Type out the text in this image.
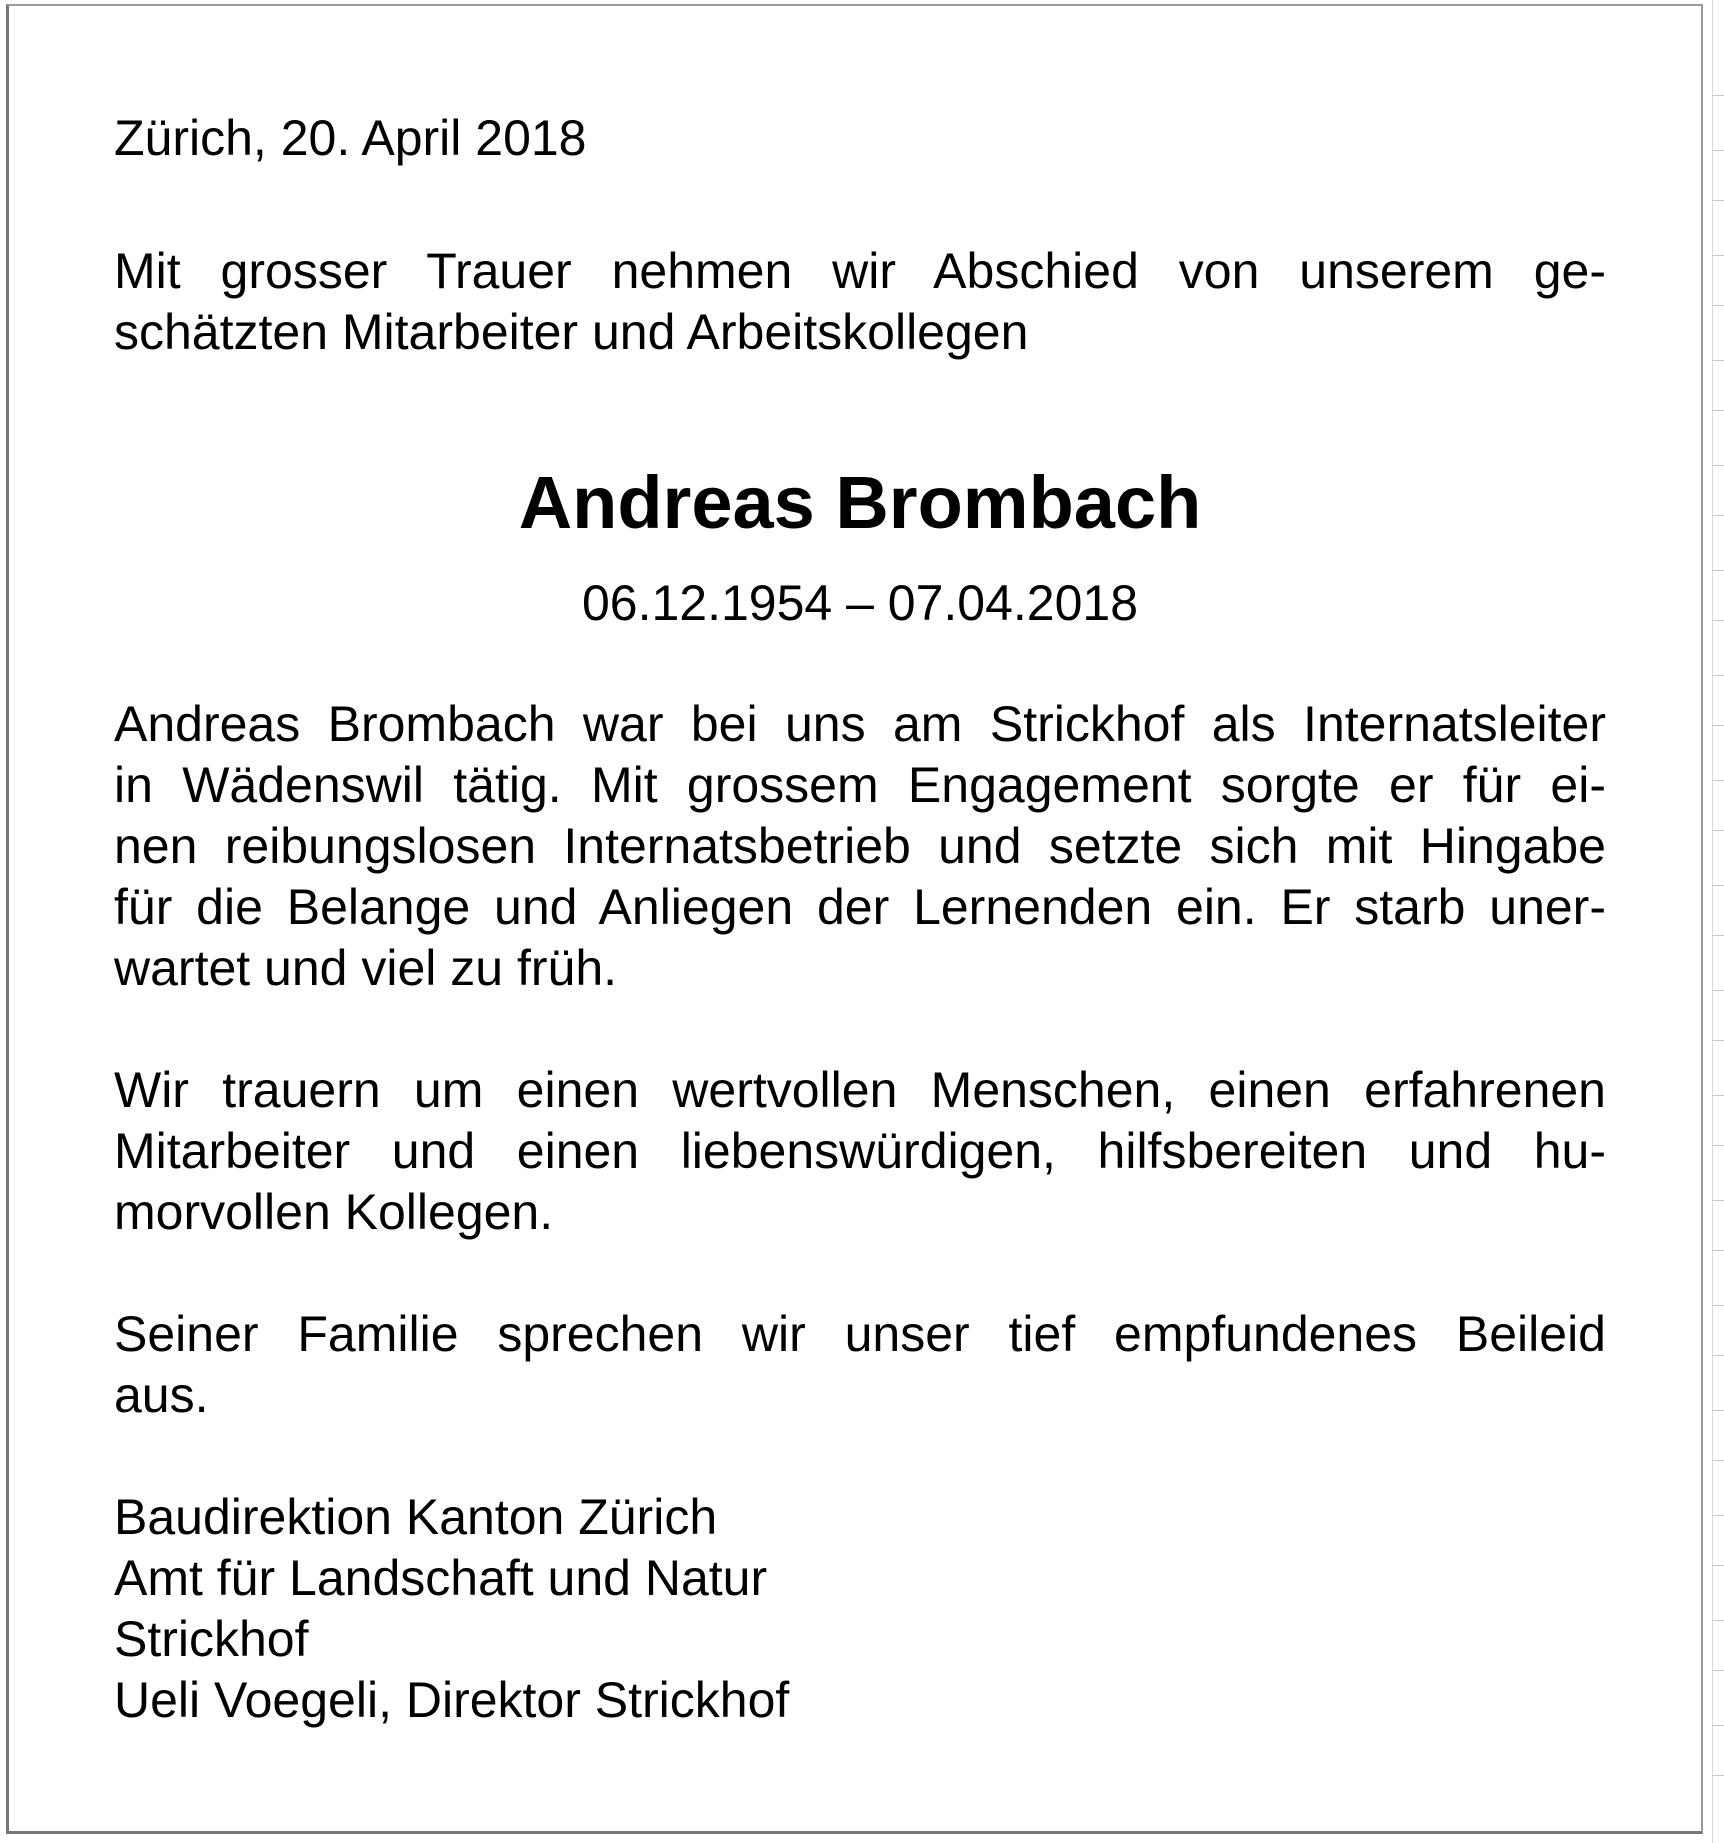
Zürich, 20. April 2018

Mit grosser Trauer nehmen wir Abschied von unserem ge-
schätzten Mitarbeiter und Arbeitskollegen
Andreas Brombach

06.12.1954 – 07.04.2018

Andreas Brombach war bei uns am Strickhof als Internatsleiter
in Wädenswil tätig. Mit grossem Engagement sorgte er für ei-
nen reibungslosen Internatsbetrieb und setzte sich mit Hingabe
für die Belange und Anliegen der Lernenden ein. Er starb uner-
wartet und viel zu früh.
Wir trauern um einen wertvollen Menschen, einen erfahrenen
Mitarbeiter und einen liebenswürdigen, hilfsbereiten und hu-
morvollen Kollegen.
Seiner Familie sprechen wir unser tief empfundenes Beileid
aus.
Baudirektion Kanton Zürich
Amt für Landschaft und Natur
Strickhof
Ueli Voegeli, Direktor Strickhof
